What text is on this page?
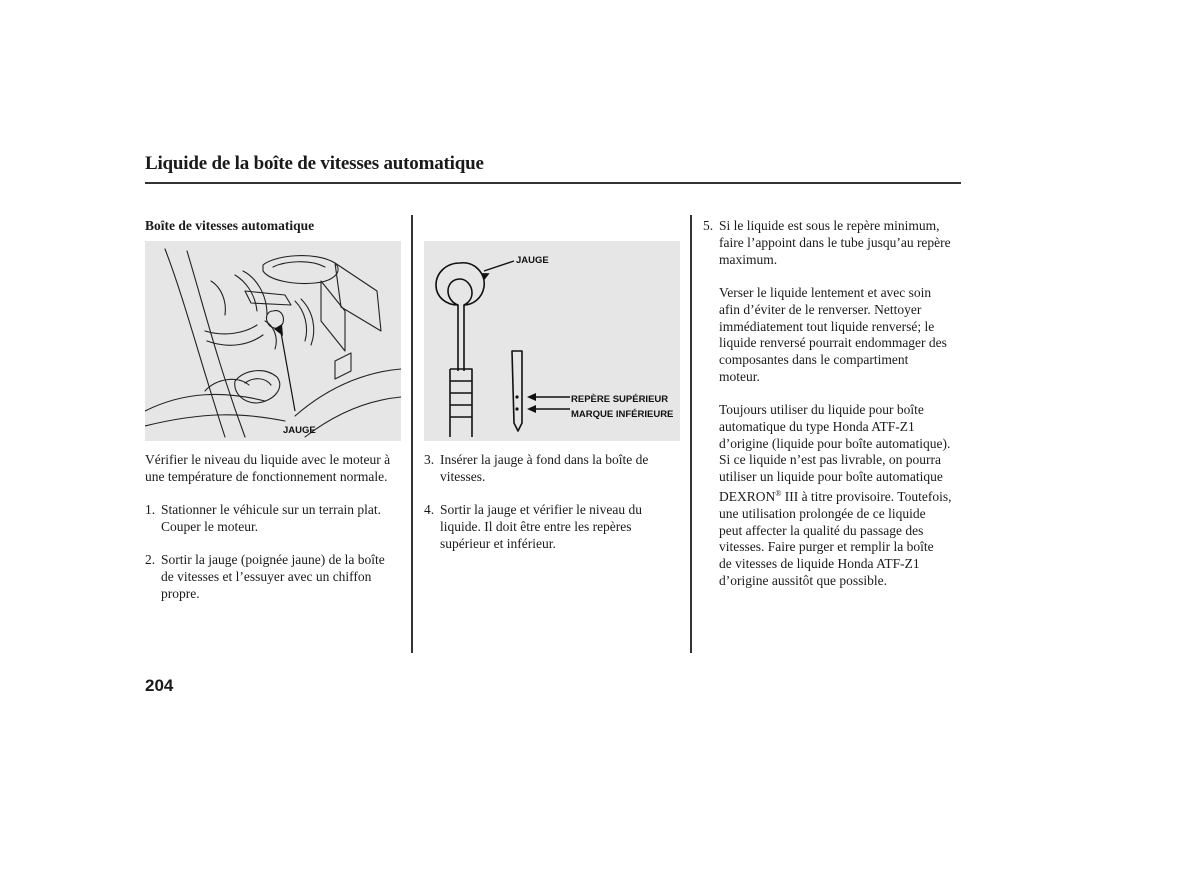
Liquide de la boîte de vitesses automatique
Boîte de vitesses automatique
JAUGE

Vérifier le niveau du liquide avec le moteur à une température de fonctionnement normale.

1. Stationner le véhicule sur un terrain plat.
Couper le moteur.
2. Sortir la jauge (poignée jaune) de la boîte
de vitesses et l’essuyer avec un chiffon
propre.
JAUGE
REPÈRE SUPÉRIEUR
MARQUE INFÉRIEURE
3. Insérer la jauge à fond dans la boîte de
vitesses.
4. Sortir la jauge et vérifier le niveau du
liquide. Il doit être entre les repères
supérieur et inférieur.
5. Si le liquide est sous le repère minimum,
faire l’appoint dans le tube jusqu’au repère
maximum.

Verser le liquide lentement et avec soin
afin d’éviter de le renverser. Nettoyer
immédiatement tout liquide renversé; le
liquide renversé pourrait endommager des
composantes dans le compartiment
moteur.

Toujours utiliser du liquide pour boîte
automatique du type Honda ATF-Z1
d’origine (liquide pour boîte automatique).
Si ce liquide n’est pas livrable, on pourra
utiliser un liquide pour boîte automatique
DEXRON® III à titre provisoire. Toutefois,
une utilisation prolongée de ce liquide
peut affecter la qualité du passage des
vitesses. Faire purger et remplir la boîte
de vitesses de liquide Honda ATF-Z1
d’origine aussitôt que possible.

204
